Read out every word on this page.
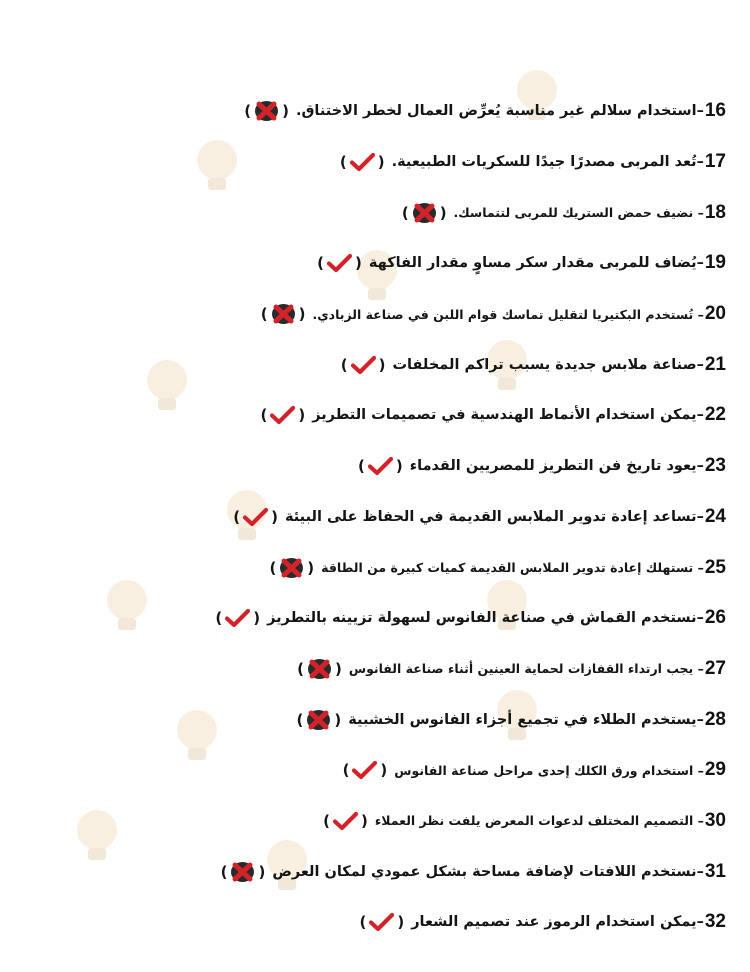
16
–استخدام سلالم غير مناسبة يُعرِّض العمال لخطر الاختناق.
( )
17
–تُعد المربى مصدرًا جيدًا للسكريات الطبيعية.
( )
18
– نضيف حمض الستريك للمربى لتتماسك.
( )
19
–يُضاف للمربى مقدار سكر مساوٍ مقدار الفاكهة
( )
20
– تُستخدم البكتيريا لتقليل تماسك قوام اللبن في صناعة الزبادي.
( )
21
–صناعة ملابس جديدة يسبب تراكم المخلفات
( )
22
–يمكن استخدام الأنماط الهندسية في تصميمات التطريز
( )
23
–يعود تاريخ فن التطريز للمصريين القدماء
( )
24
–تساعد إعادة تدوير الملابس القديمة في الحفاظ على البيئة
( )
25
– تستهلك إعادة تدوير الملابس القديمة كميات كبيرة من الطاقة
( )
26
–نستخدم القماش في صناعة الفانوس لسهولة تزيينه بالتطريز
( )
27
– يجب ارتداء القفازات لحماية العينين أثناء صناعة الفانوس
( )
28
–يستخدم الطلاء في تجميع أجزاء الفانوس الخشبية
( )
29
– استخدام ورق الكلك إحدى مراحل صناعة الفانوس
( )
30
– التصميم المختلف لدعوات المعرض يلفت نظر العملاء
( )
31
–نستخدم اللافتات لإضافة مساحة بشكل عمودي لمكان العرض
( )
32
–يمكن استخدام الرموز عند تصميم الشعار
( )
